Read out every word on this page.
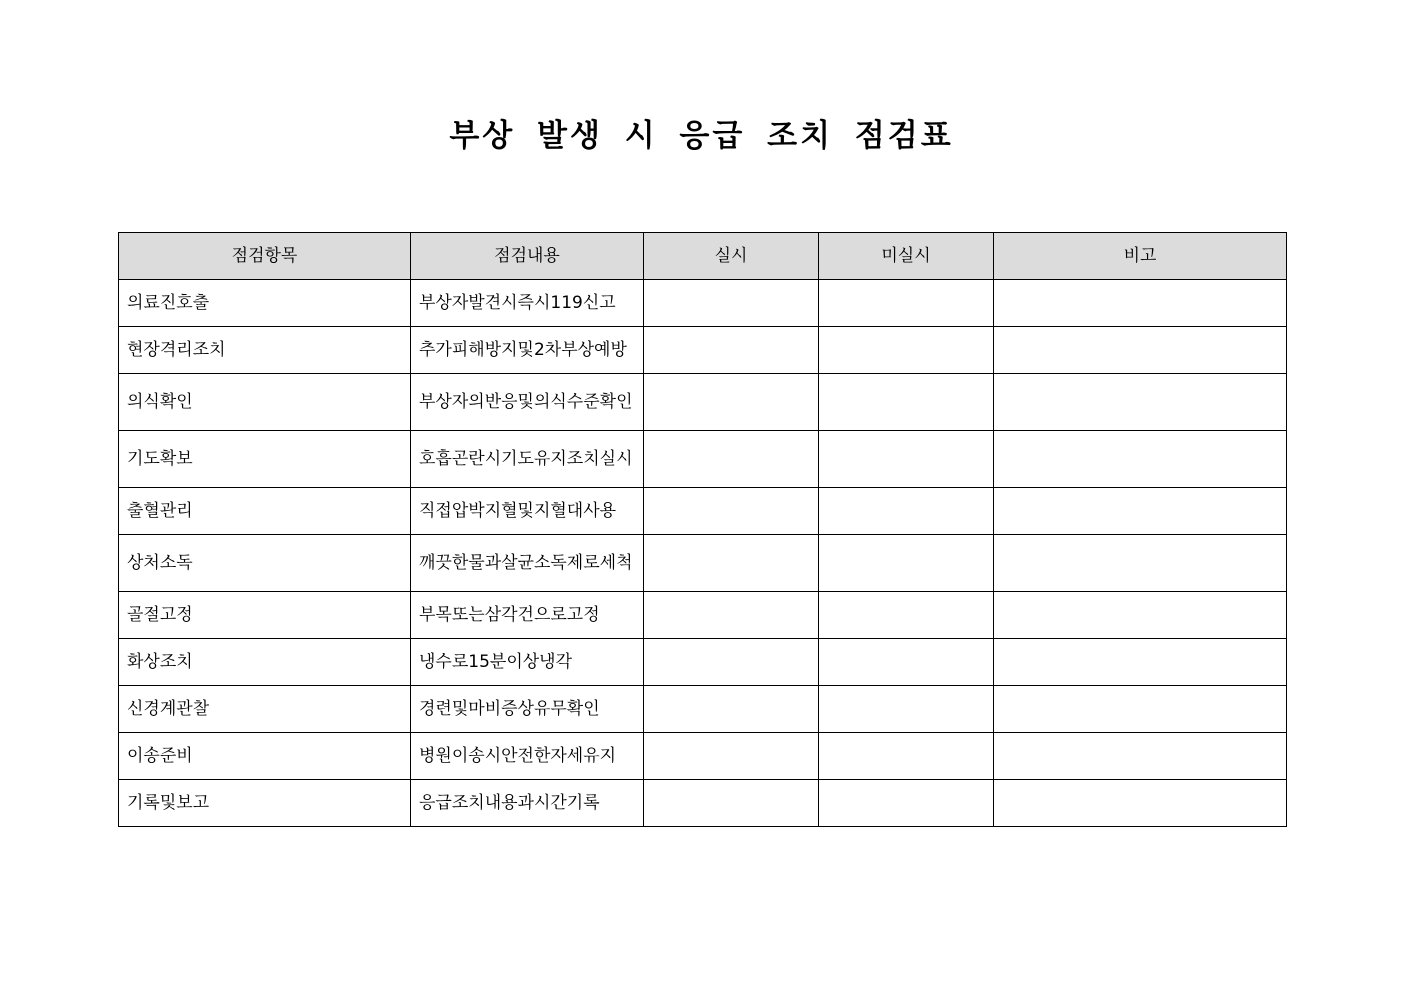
부상 발생 시 응급 조치 점검표
점검항목	점검내용	실시	미실시	비고
의료진호출	부상자발견시즉시119신고			
현장격리조치	추가피해방지및2차부상예방			
의식확인	부상자의반응및의식수준확인			
기도확보	호흡곤란시기도유지조치실시			
출혈관리	직접압박지혈및지혈대사용			
상처소독	깨끗한물과살균소독제로세척			
골절고정	부목또는삼각건으로고정			
화상조치	냉수로15분이상냉각			
신경계관찰	경련및마비증상유무확인			
이송준비	병원이송시안전한자세유지			
기록및보고	응급조치내용과시간기록			
